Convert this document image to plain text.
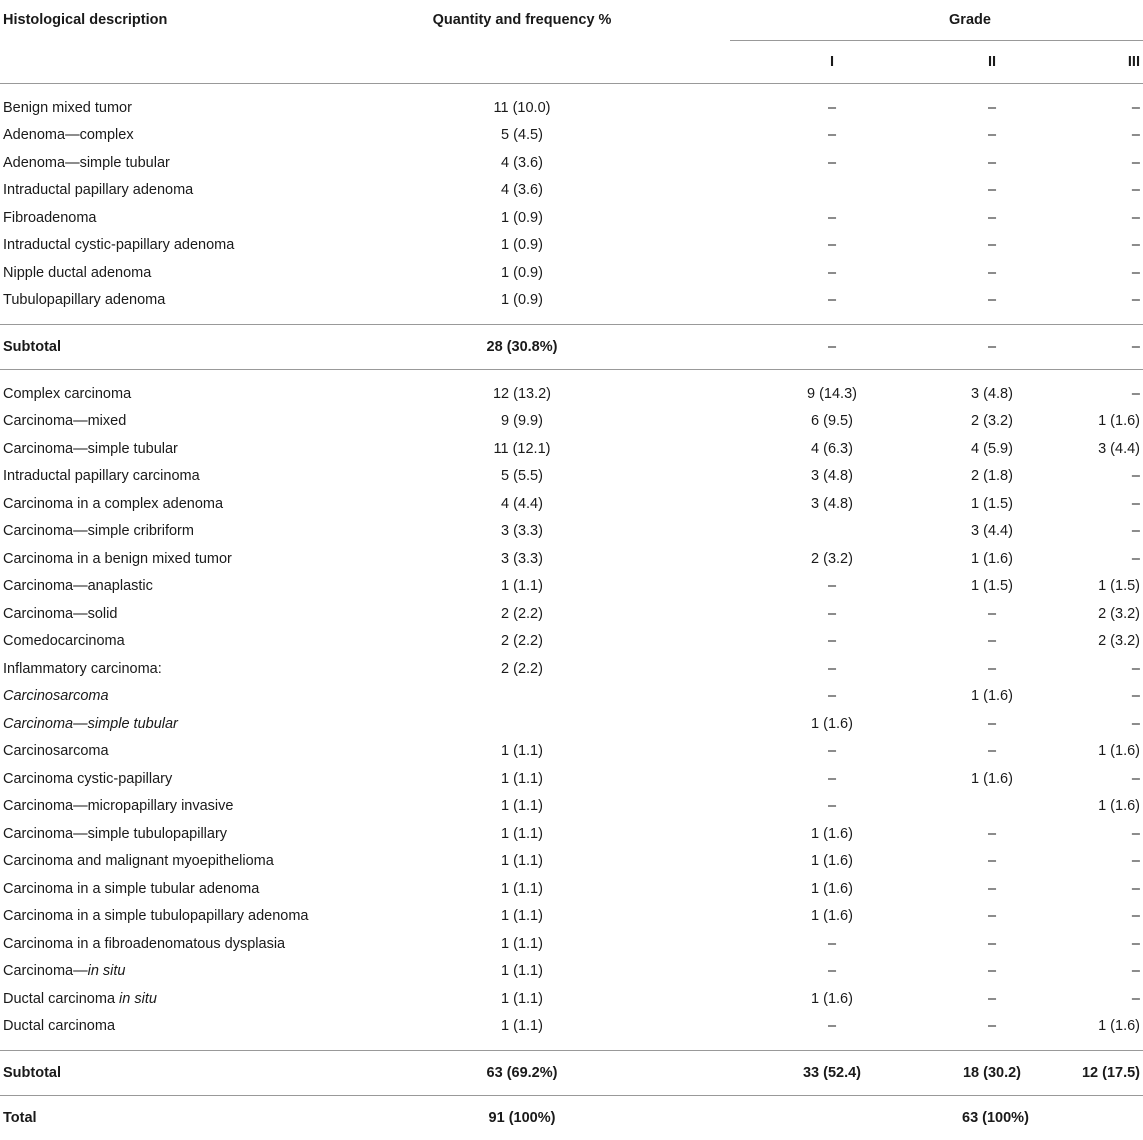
Histological description	Quantity and frequency %	Grade		
		I	II	III
Benign mixed tumor	11 (10.0)	–	–	–
Adenoma—complex	5 (4.5)	–	–	–
Adenoma—simple tubular	4 (3.6)	–	–	–
Intraductal papillary adenoma	4 (3.6)		–	–
Fibroadenoma	1 (0.9)	–	–	–
Intraductal cystic-papillary adenoma	1 (0.9)	–	–	–
Nipple ductal adenoma	1 (0.9)	–	–	–
Tubulopapillary adenoma	1 (0.9)	–	–	–
Subtotal	28 (30.8%)	–	–	–
Complex carcinoma	12 (13.2)	9 (14.3)	3 (4.8)	–
Carcinoma—mixed	9 (9.9)	6 (9.5)	2 (3.2)	1 (1.6)
Carcinoma—simple tubular	11 (12.1)	4 (6.3)	4 (5.9)	3 (4.4)
Intraductal papillary carcinoma	5 (5.5)	3 (4.8)	2 (1.8)	–
Carcinoma in a complex adenoma	4 (4.4)	3 (4.8)	1 (1.5)	–
Carcinoma—simple cribriform	3 (3.3)		3 (4.4)	–
Carcinoma in a benign mixed tumor	3 (3.3)	2 (3.2)	1 (1.6)	–
Carcinoma—anaplastic	1 (1.1)	–	1 (1.5)	1 (1.5)
Carcinoma—solid	2 (2.2)	–	–	2 (3.2)
Comedocarcinoma	2 (2.2)	–	–	2 (3.2)
Inflammatory carcinoma:	2 (2.2)	–	–	–
Carcinosarcoma		–	1 (1.6)	–
Carcinoma—simple tubular		1 (1.6)	–	–
Carcinosarcoma	1 (1.1)	–	–	1 (1.6)
Carcinoma cystic-papillary	1 (1.1)	–	1 (1.6)	–
Carcinoma—micropapillary invasive	1 (1.1)	–		1 (1.6)
Carcinoma—simple tubulopapillary	1 (1.1)	1 (1.6)	–	–
Carcinoma and malignant myoepithelioma	1 (1.1)	1 (1.6)	–	–
Carcinoma in a simple tubular adenoma	1 (1.1)	1 (1.6)	–	–
Carcinoma in a simple tubulopapillary adenoma	1 (1.1)	1 (1.6)	–	–
Carcinoma in a fibroadenomatous dysplasia	1 (1.1)	–	–	–
Carcinoma—in situ	1 (1.1)	–	–	–
Ductal carcinoma in situ	1 (1.1)	1 (1.6)	–	–
Ductal carcinoma	1 (1.1)	–	–	1 (1.6)
Subtotal	63 (69.2%)	33 (52.4)	18 (30.2)	12 (17.5)
Total	91 (100%)		63 (100%)	
